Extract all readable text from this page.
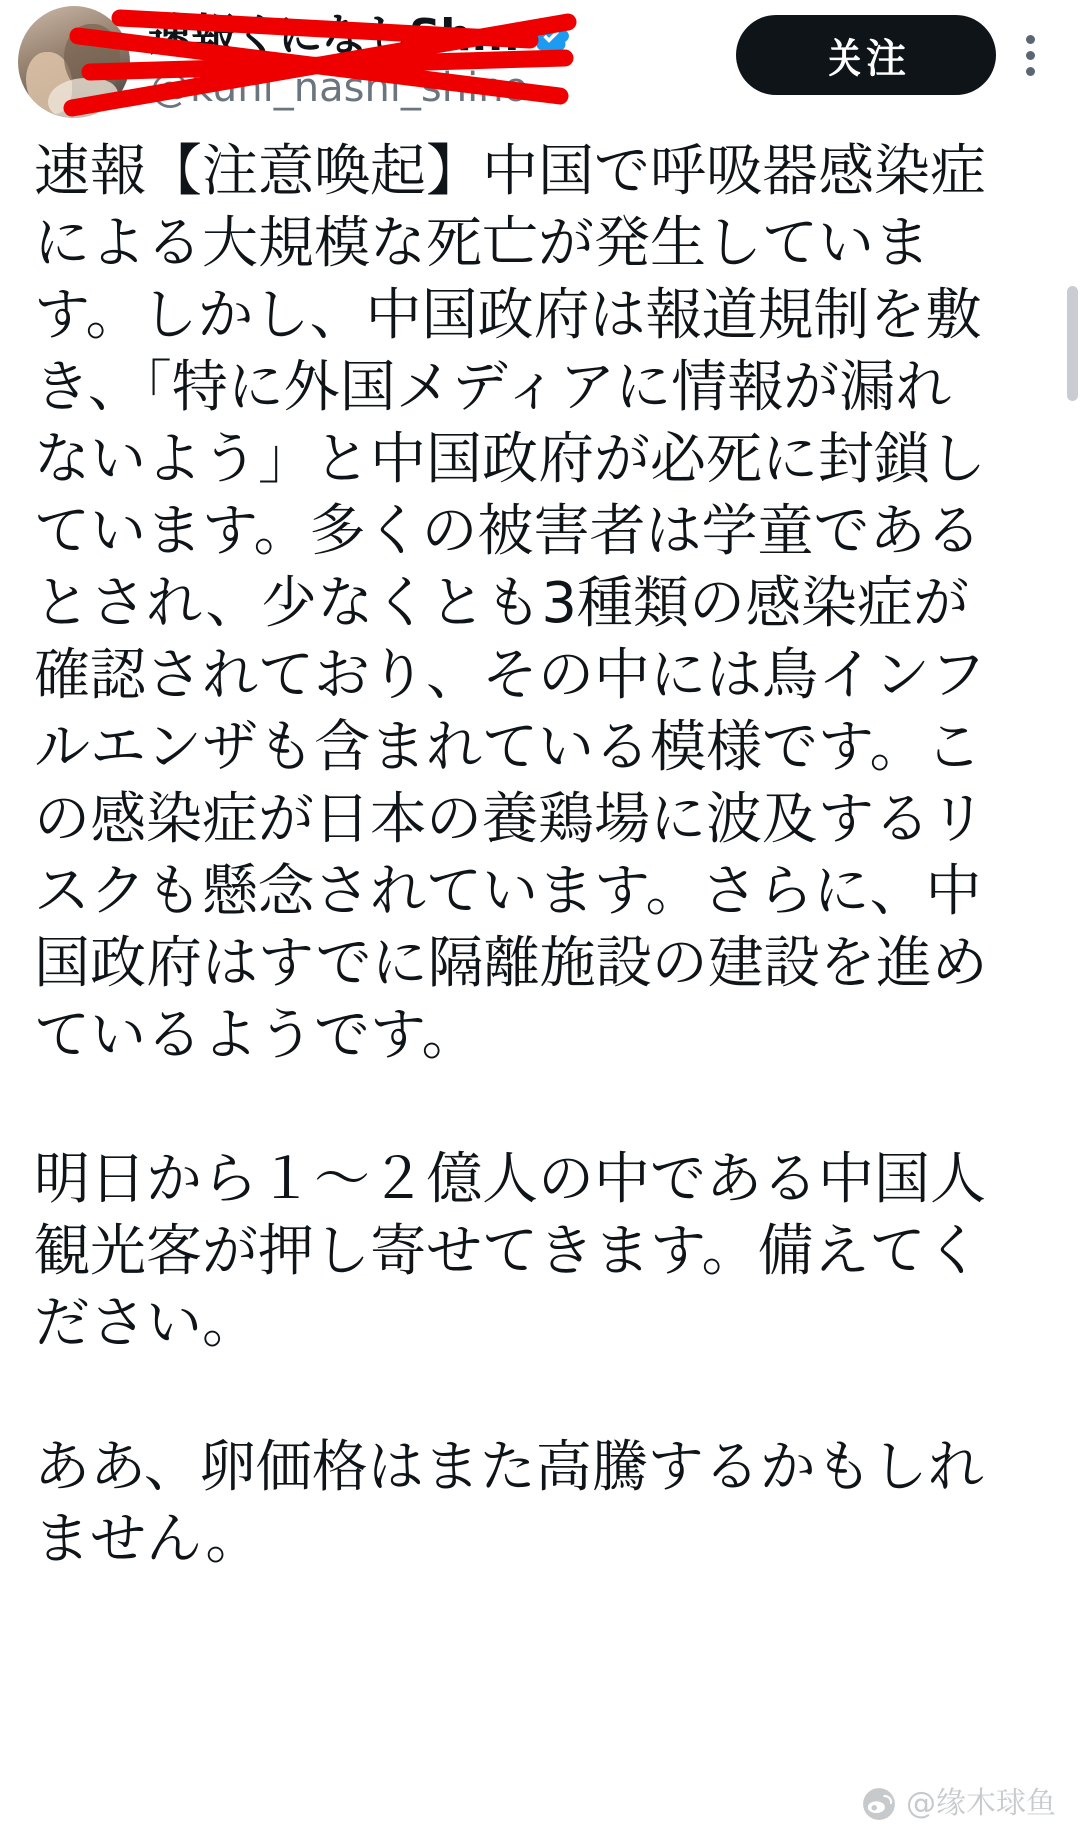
速報くになしSh...
@kuni_nashi_shino
关注

速報【注意喚起】中国で呼吸器感染症による大規模な死亡が発生しています。しかし、中国政府は報道規制を敷き、「特に外国メディアに情報が漏れないよう」と中国政府が必死に封鎖しています。多くの被害者は学童であるとされ、少なくとも3種類の感染症が確認されており、その中には鳥インフルエンザも含まれている模様です。この感染症が日本の養鶏場に波及するリスクも懸念されています。さらに、中国政府はすでに隔離施設の建設を進めているようです。

明日から１〜２億人の中である中国人観光客が押し寄せてきます。備えてください。

ああ、卵価格はまた高騰するかもしれません。

@缘木球鱼
